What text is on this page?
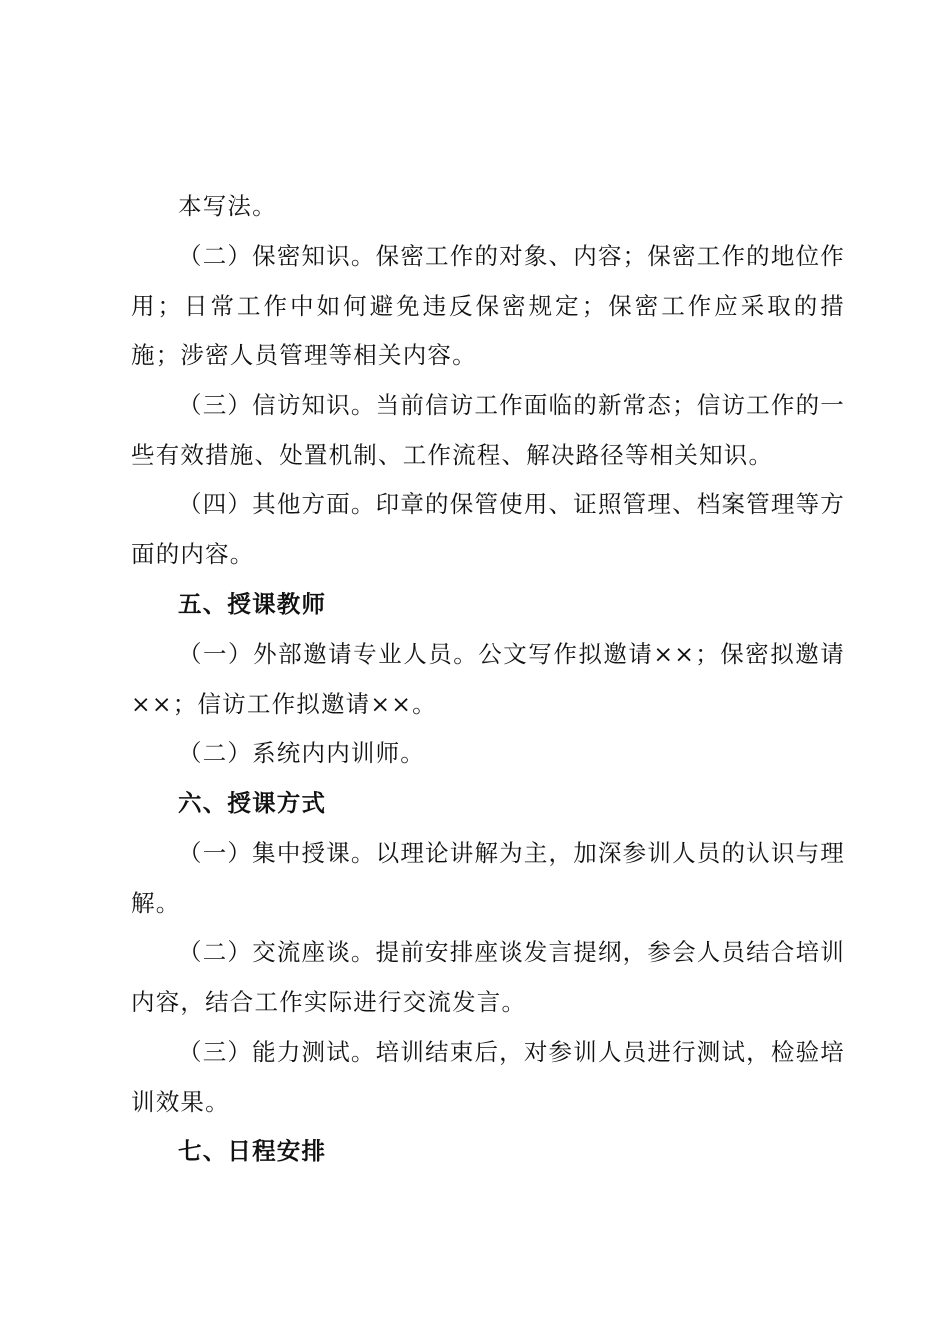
本写法。

（二）保密知识。保密工作的对象、内容；保密工作的地位作用；日常工作中如何避免违反保密规定；保密工作应采取的措施；涉密人员管理等相关内容。

（三）信访知识。当前信访工作面临的新常态；信访工作的一些有效措施、处置机制、工作流程、解决路径等相关知识。

（四）其他方面。印章的保管使用、证照管理、档案管理等方面的内容。

五、授课教师

（一）外部邀请专业人员。公文写作拟邀请××；保密拟邀请××；信访工作拟邀请××。

（二）系统内内训师。

六、授课方式

（一）集中授课。以理论讲解为主，加深参训人员的认识与理解。

（二）交流座谈。提前安排座谈发言提纲，参会人员结合培训内容，结合工作实际进行交流发言。

（三）能力测试。培训结束后，对参训人员进行测试，检验培训效果。

七、日程安排
